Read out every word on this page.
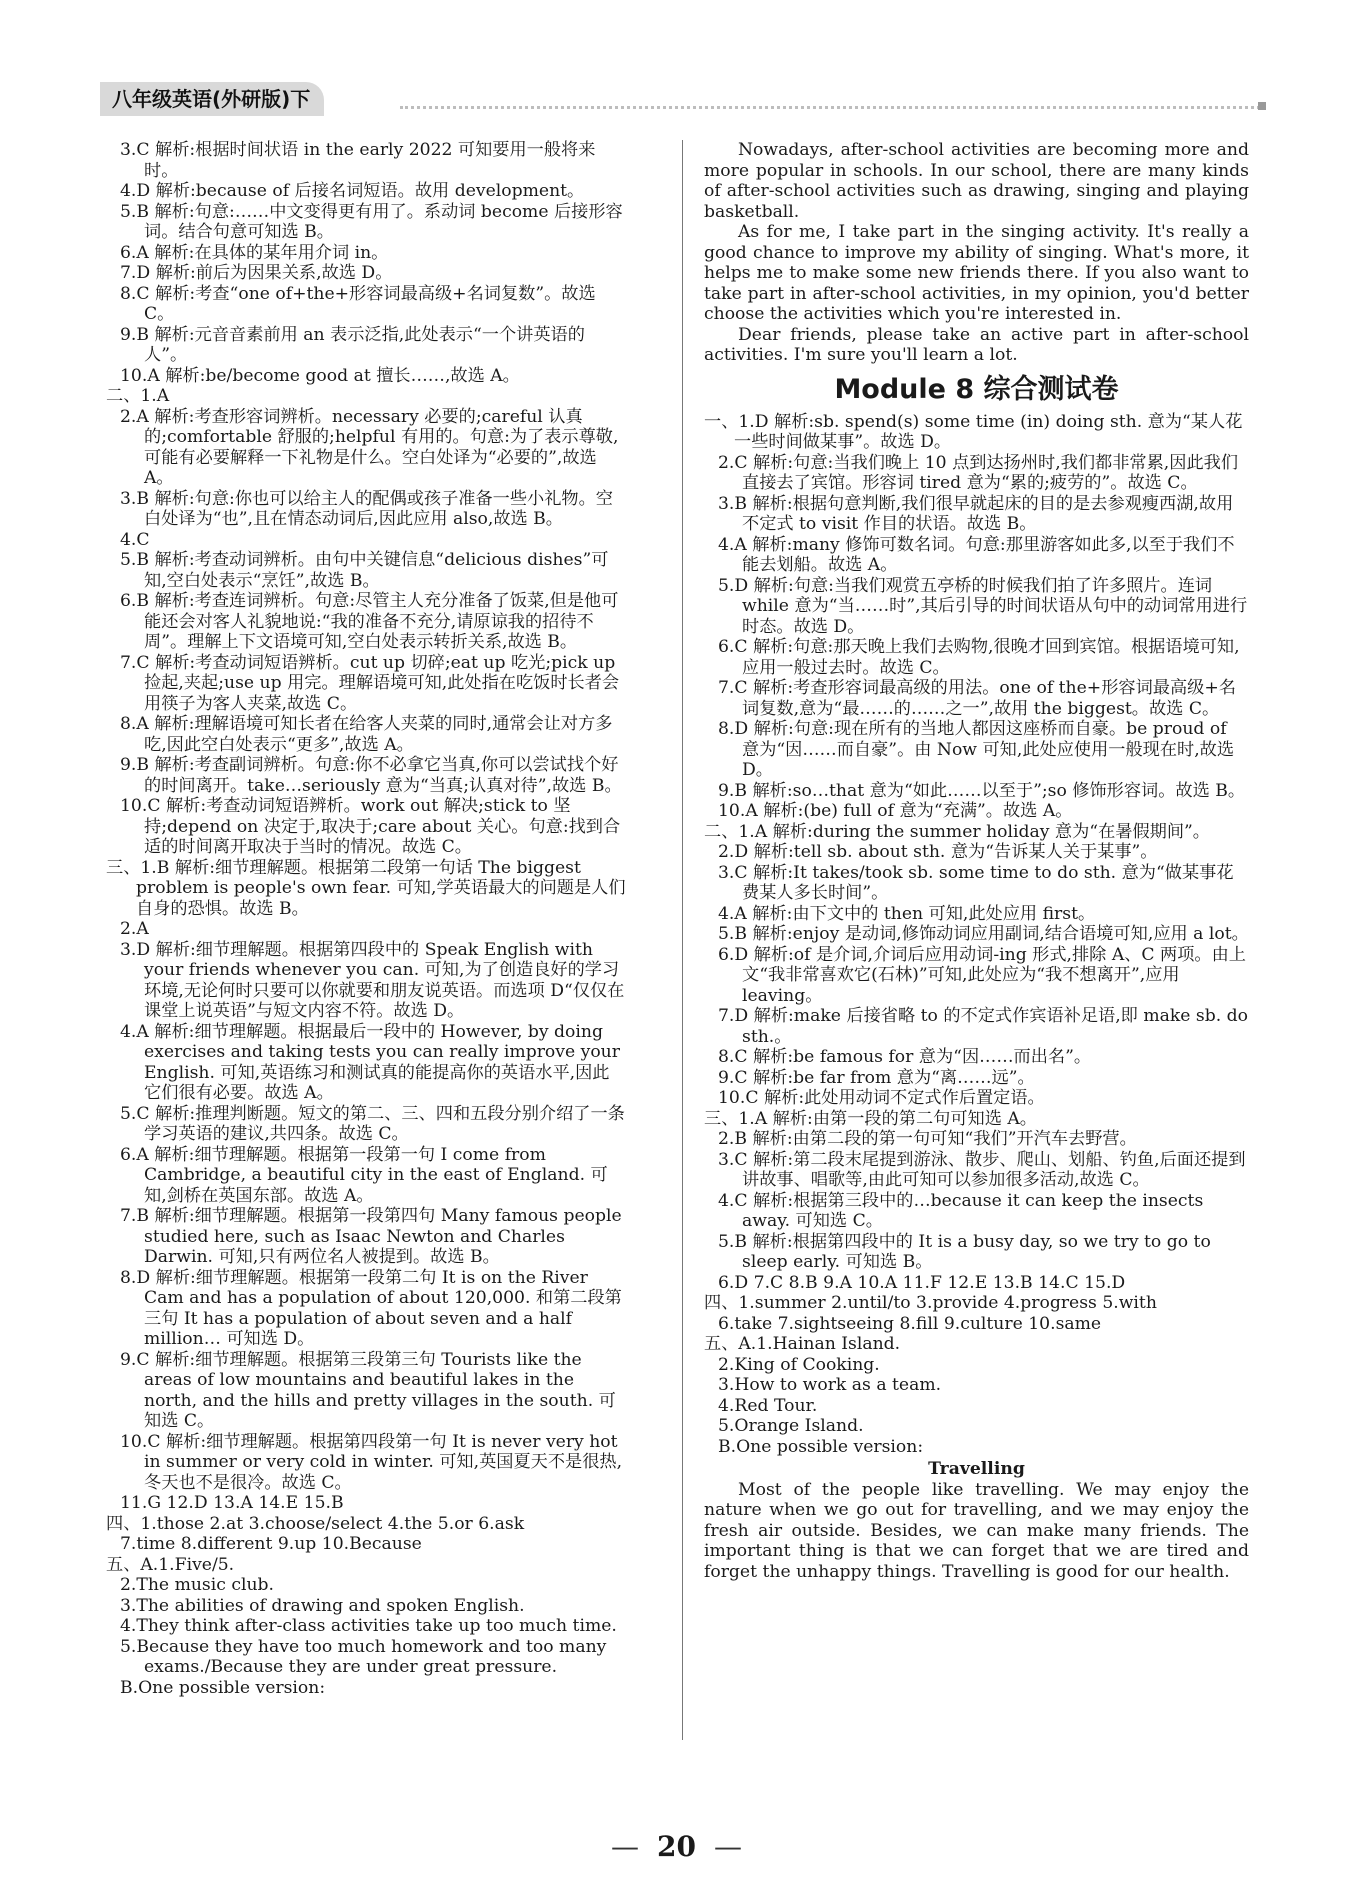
八年级英语(外研版)下

3.C 解析:根据时间状语 in the early 2022 可知要用一般将来时。

4.D 解析:because of 后接名词短语。故用 development。

5.B 解析:句意:……中文变得更有用了。系动词 become 后接形容词。结合句意可知选 B。

6.A 解析:在具体的某年用介词 in。

7.D 解析:前后为因果关系,故选 D。

8.C 解析:考查“one of+the+形容词最高级+名词复数”。故选 C。

9.B 解析:元音音素前用 an 表示泛指,此处表示“一个讲英语的人”。

10.A 解析:be/become good at 擅长……,故选 A。

二、1.A

2.A 解析:考查形容词辨析。necessary 必要的;careful 认真的;comfortable 舒服的;helpful 有用的。句意:为了表示尊敬,可能有必要解释一下礼物是什么。空白处译为“必要的”,故选 A。

3.B 解析:句意:你也可以给主人的配偶或孩子准备一些小礼物。空白处译为“也”,且在情态动词后,因此应用 also,故选 B。

4.C

5.B 解析:考查动词辨析。由句中关键信息“delicious dishes”可知,空白处表示“烹饪”,故选 B。

6.B 解析:考查连词辨析。句意:尽管主人充分准备了饭菜,但是他可能还会对客人礼貌地说:“我的准备不充分,请原谅我的招待不周”。理解上下文语境可知,空白处表示转折关系,故选 B。

7.C 解析:考查动词短语辨析。cut up 切碎;eat up 吃光;pick up 捡起,夹起;use up 用完。理解语境可知,此处指在吃饭时长者会用筷子为客人夹菜,故选 C。

8.A 解析:理解语境可知长者在给客人夹菜的同时,通常会让对方多吃,因此空白处表示“更多”,故选 A。

9.B 解析:考查副词辨析。句意:你不必拿它当真,你可以尝试找个好的时间离开。take…seriously 意为“当真;认真对待”,故选 B。

10.C 解析:考查动词短语辨析。work out 解决;stick to 坚持;depend on 决定于,取决于;care about 关心。句意:找到合适的时间离开取决于当时的情况。故选 C。

三、1.B 解析:细节理解题。根据第二段第一句话 The biggest problem is people's own fear. 可知,学英语最大的问题是人们自身的恐惧。故选 B。

2.A

3.D 解析:细节理解题。根据第四段中的 Speak English with your friends whenever you can. 可知,为了创造良好的学习环境,无论何时只要可以你就要和朋友说英语。而选项 D“仅仅在课堂上说英语”与短文内容不符。故选 D。

4.A 解析:细节理解题。根据最后一段中的 However, by doing exercises and taking tests you can really improve your English. 可知,英语练习和测试真的能提高你的英语水平,因此它们很有必要。故选 A。

5.C 解析:推理判断题。短文的第二、三、四和五段分别介绍了一条学习英语的建议,共四条。故选 C。

6.A 解析:细节理解题。根据第一段第一句 I come from Cambridge, a beautiful city in the east of England. 可知,剑桥在英国东部。故选 A。

7.B 解析:细节理解题。根据第一段第四句 Many famous people studied here, such as Isaac Newton and Charles Darwin. 可知,只有两位名人被提到。故选 B。

8.D 解析:细节理解题。根据第一段第二句 It is on the River Cam and has a population of about 120,000. 和第二段第三句 It has a population of about seven and a half million… 可知选 D。

9.C 解析:细节理解题。根据第三段第三句 Tourists like the areas of low mountains and beautiful lakes in the north, and the hills and pretty villages in the south. 可知选 C。

10.C 解析:细节理解题。根据第四段第一句 It is never very hot in summer or very cold in winter. 可知,英国夏天不是很热,冬天也不是很冷。故选 C。

11.G 12.D 13.A 14.E 15.B

四、1.those 2.at 3.choose/select 4.the 5.or 6.ask

7.time 8.different 9.up 10.Because

五、A.1.Five/5.

2.The music club.

3.The abilities of drawing and spoken English.

4.They think after-class activities take up too much time.

5.Because they have too much homework and too many exams./Because they are under great pressure.

B.One possible version:

Nowadays, after-school activities are becoming more and more popular in schools. In our school, there are many kinds of after-school activities such as drawing, singing and playing basketball.

As for me, I take part in the singing activity. It's really a good chance to improve my ability of singing. What's more, it helps me to make some new friends there. If you also want to take part in after-school activities, in my opinion, you'd better choose the activities which you're interested in.

Dear friends, please take an active part in after-school activities. I'm sure you'll learn a lot.

Module 8 综合测试卷

一、1.D 解析:sb. spend(s) some time (in) doing sth. 意为“某人花一些时间做某事”。故选 D。

2.C 解析:句意:当我们晚上 10 点到达扬州时,我们都非常累,因此我们直接去了宾馆。形容词 tired 意为“累的;疲劳的”。故选 C。

3.B 解析:根据句意判断,我们很早就起床的目的是去参观瘦西湖,故用不定式 to visit 作目的状语。故选 B。

4.A 解析:many 修饰可数名词。句意:那里游客如此多,以至于我们不能去划船。故选 A。

5.D 解析:句意:当我们观赏五亭桥的时候我们拍了许多照片。连词 while 意为“当……时”,其后引导的时间状语从句中的动词常用进行时态。故选 D。

6.C 解析:句意:那天晚上我们去购物,很晚才回到宾馆。根据语境可知,应用一般过去时。故选 C。

7.C 解析:考查形容词最高级的用法。one of the+形容词最高级+名词复数,意为“最……的……之一”,故用 the biggest。故选 C。

8.D 解析:句意:现在所有的当地人都因这座桥而自豪。be proud of 意为“因……而自豪”。由 Now 可知,此处应使用一般现在时,故选 D。

9.B 解析:so…that 意为“如此……以至于”;so 修饰形容词。故选 B。

10.A 解析:(be) full of 意为“充满”。故选 A。

二、1.A 解析:during the summer holiday 意为“在暑假期间”。

2.D 解析:tell sb. about sth. 意为“告诉某人关于某事”。

3.C 解析:It takes/took sb. some time to do sth. 意为“做某事花费某人多长时间”。

4.A 解析:由下文中的 then 可知,此处应用 first。

5.B 解析:enjoy 是动词,修饰动词应用副词,结合语境可知,应用 a lot。

6.D 解析:of 是介词,介词后应用动词-ing 形式,排除 A、C 两项。由上文“我非常喜欢它(石林)”可知,此处应为“我不想离开”,应用 leaving。

7.D 解析:make 后接省略 to 的不定式作宾语补足语,即 make sb. do sth.。

8.C 解析:be famous for 意为“因……而出名”。

9.C 解析:be far from 意为“离……远”。

10.C 解析:此处用动词不定式作后置定语。

三、1.A 解析:由第一段的第二句可知选 A。

2.B 解析:由第二段的第一句可知“我们”开汽车去野营。

3.C 解析:第二段末尾提到游泳、散步、爬山、划船、钓鱼,后面还提到讲故事、唱歌等,由此可知可以参加很多活动,故选 C。

4.C 解析:根据第三段中的…because it can keep the insects away. 可知选 C。

5.B 解析:根据第四段中的 It is a busy day, so we try to go to sleep early. 可知选 B。

6.D 7.C 8.B 9.A 10.A 11.F 12.E 13.B 14.C 15.D

四、1.summer 2.until/to 3.provide 4.progress 5.with

6.take 7.sightseeing 8.fill 9.culture 10.same

五、A.1.Hainan Island.

2.King of Cooking.

3.How to work as a team.

4.Red Tour.

5.Orange Island.

B.One possible version:

Travelling

Most of the people like travelling. We may enjoy the nature when we go out for travelling, and we may enjoy the fresh air outside. Besides, we can make many friends. The important thing is that we can forget that we are tired and forget the unhappy things. Travelling is good for our health.

— 20 —
